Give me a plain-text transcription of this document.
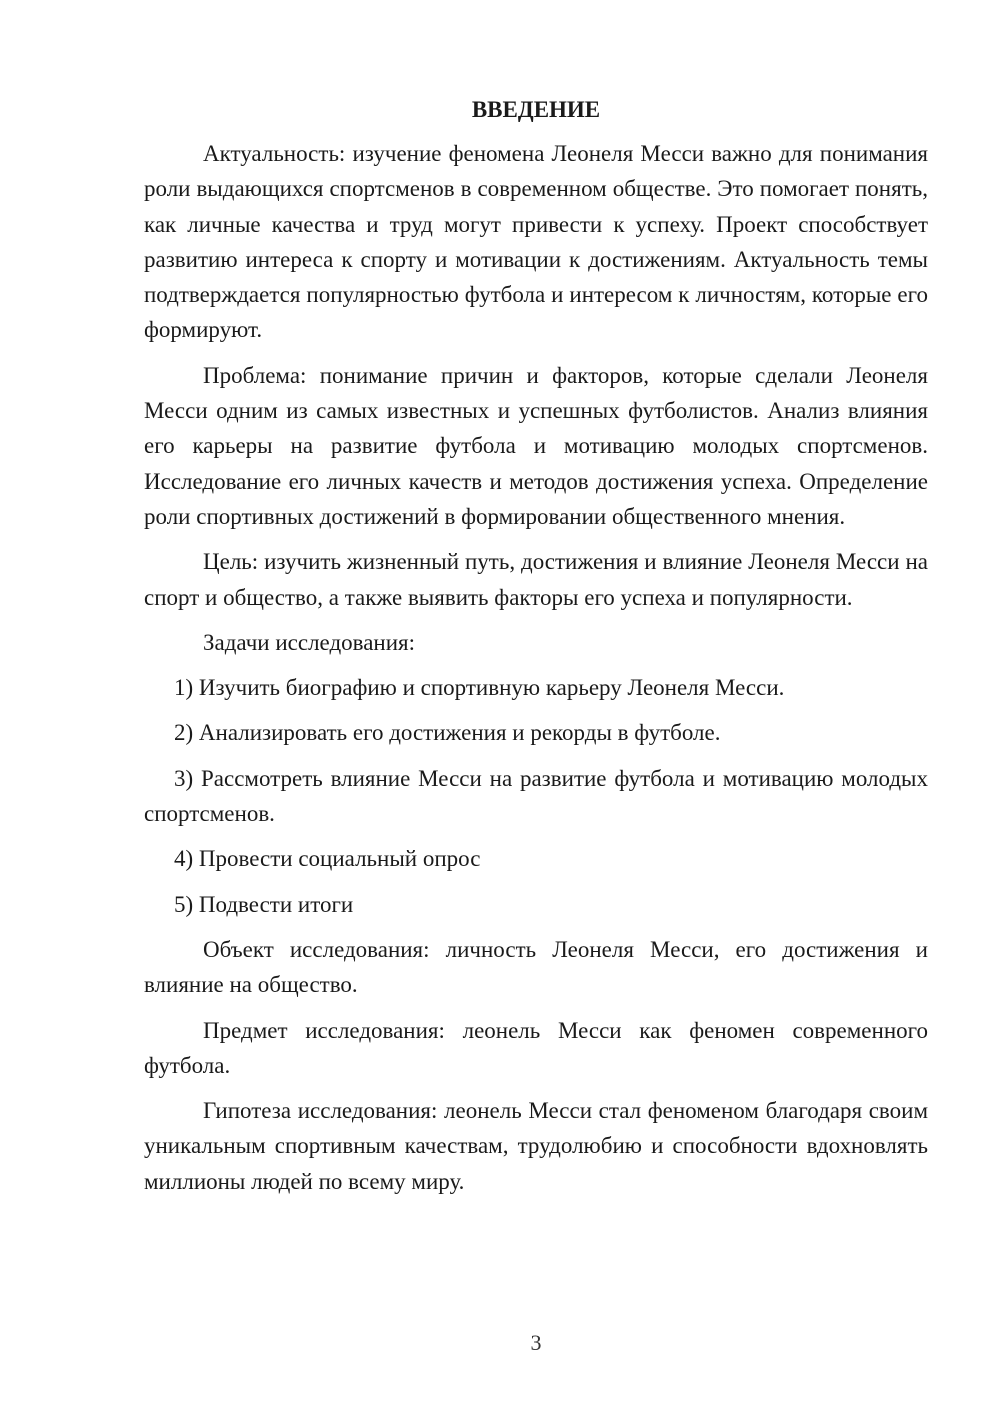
ВВЕДЕНИЕ

Актуальность: изучение феномена Леонеля Месси важно для понимания роли выдающихся спортсменов в современном обществе. Это помогает понять, как личные качества и труд могут привести к успеху. Проект способствует развитию интереса к спорту и мотивации к достижениям. Актуальность темы подтверждается популярностью футбола и интересом к личностям, которые его формируют.

Проблема: понимание причин и факторов, которые сделали Леонеля Месси одним из самых известных и успешных футболистов. Анализ влияния его карьеры на развитие футбола и мотивацию молодых спортсменов. Исследование его личных качеств и методов достижения успеха. Определение роли спортивных достижений в формировании общественного мнения.

Цель: изучить жизненный путь, достижения и влияние Леонеля Месси на спорт и общество, а также выявить факторы его успеха и популярности.

Задачи исследования:

1) Изучить биографию и спортивную карьеру Леонеля Месси.

2) Анализировать его достижения и рекорды в футболе.

3) Рассмотреть влияние Месси на развитие футбола и мотивацию молодых спортсменов.

4) Провести социальный опрос

5) Подвести итоги

Объект исследования: личность Леонеля Месси, его достижения и влияние на общество.

Предмет исследования: леонель Месси как феномен современного футбола.

Гипотеза исследования: леонель Месси стал феноменом благодаря своим уникальным спортивным качествам, трудолюбию и способности вдохновлять миллионы людей по всему миру.

3
